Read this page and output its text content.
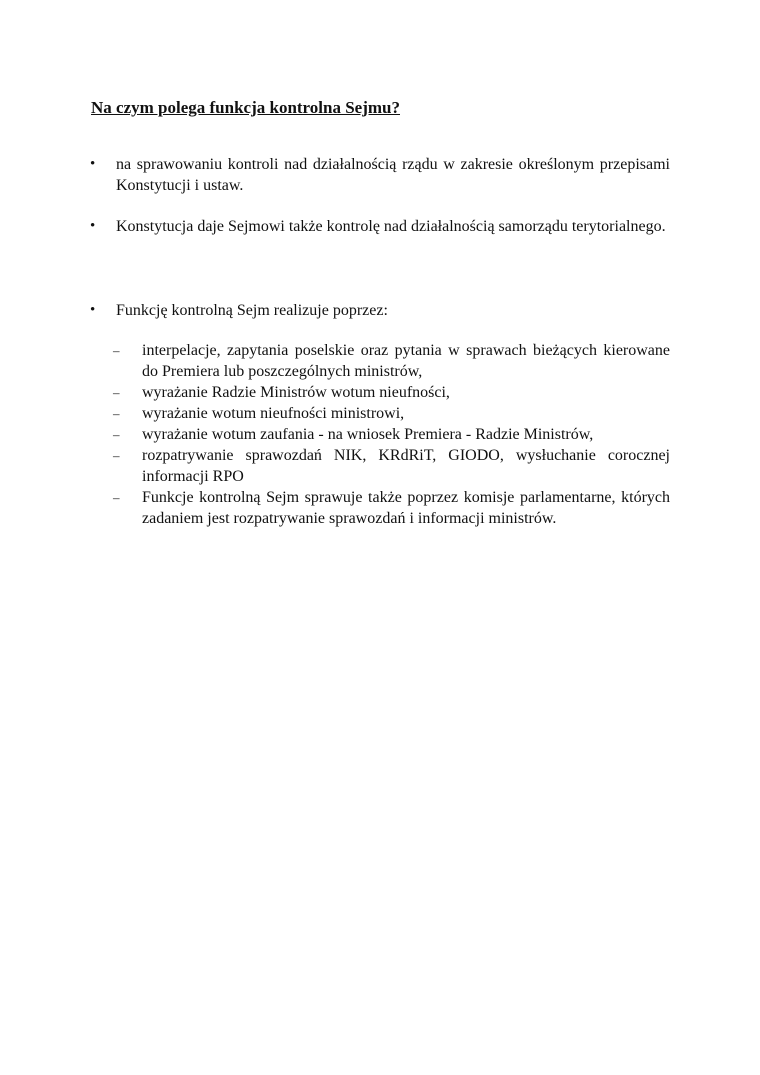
Na czym polega funkcja kontrolna Sejmu?
•	na sprawowaniu kontroli nad działalnością rządu w zakresie określonym przepisami Konstytucji i ustaw.
•	Konstytucja daje Sejmowi także kontrolę nad działalnością samorządu terytorialnego.
•	Funkcję kontrolną Sejm realizuje poprzez:
–	interpelacje, zapytania poselskie oraz pytania w sprawach bieżących kierowane do Premiera lub poszczególnych ministrów,
–	wyrażanie Radzie Ministrów wotum nieufności,
–	wyrażanie wotum nieufności ministrowi,
–	wyrażanie wotum zaufania - na wniosek Premiera - Radzie Ministrów,
–	rozpatrywanie sprawozdań NIK, KRdRiT, GIODO, wysłuchanie corocznej informacji RPO
–	Funkcje kontrolną Sejm sprawuje także poprzez komisje parlamentarne, których zadaniem jest rozpatrywanie sprawozdań i informacji ministrów.
